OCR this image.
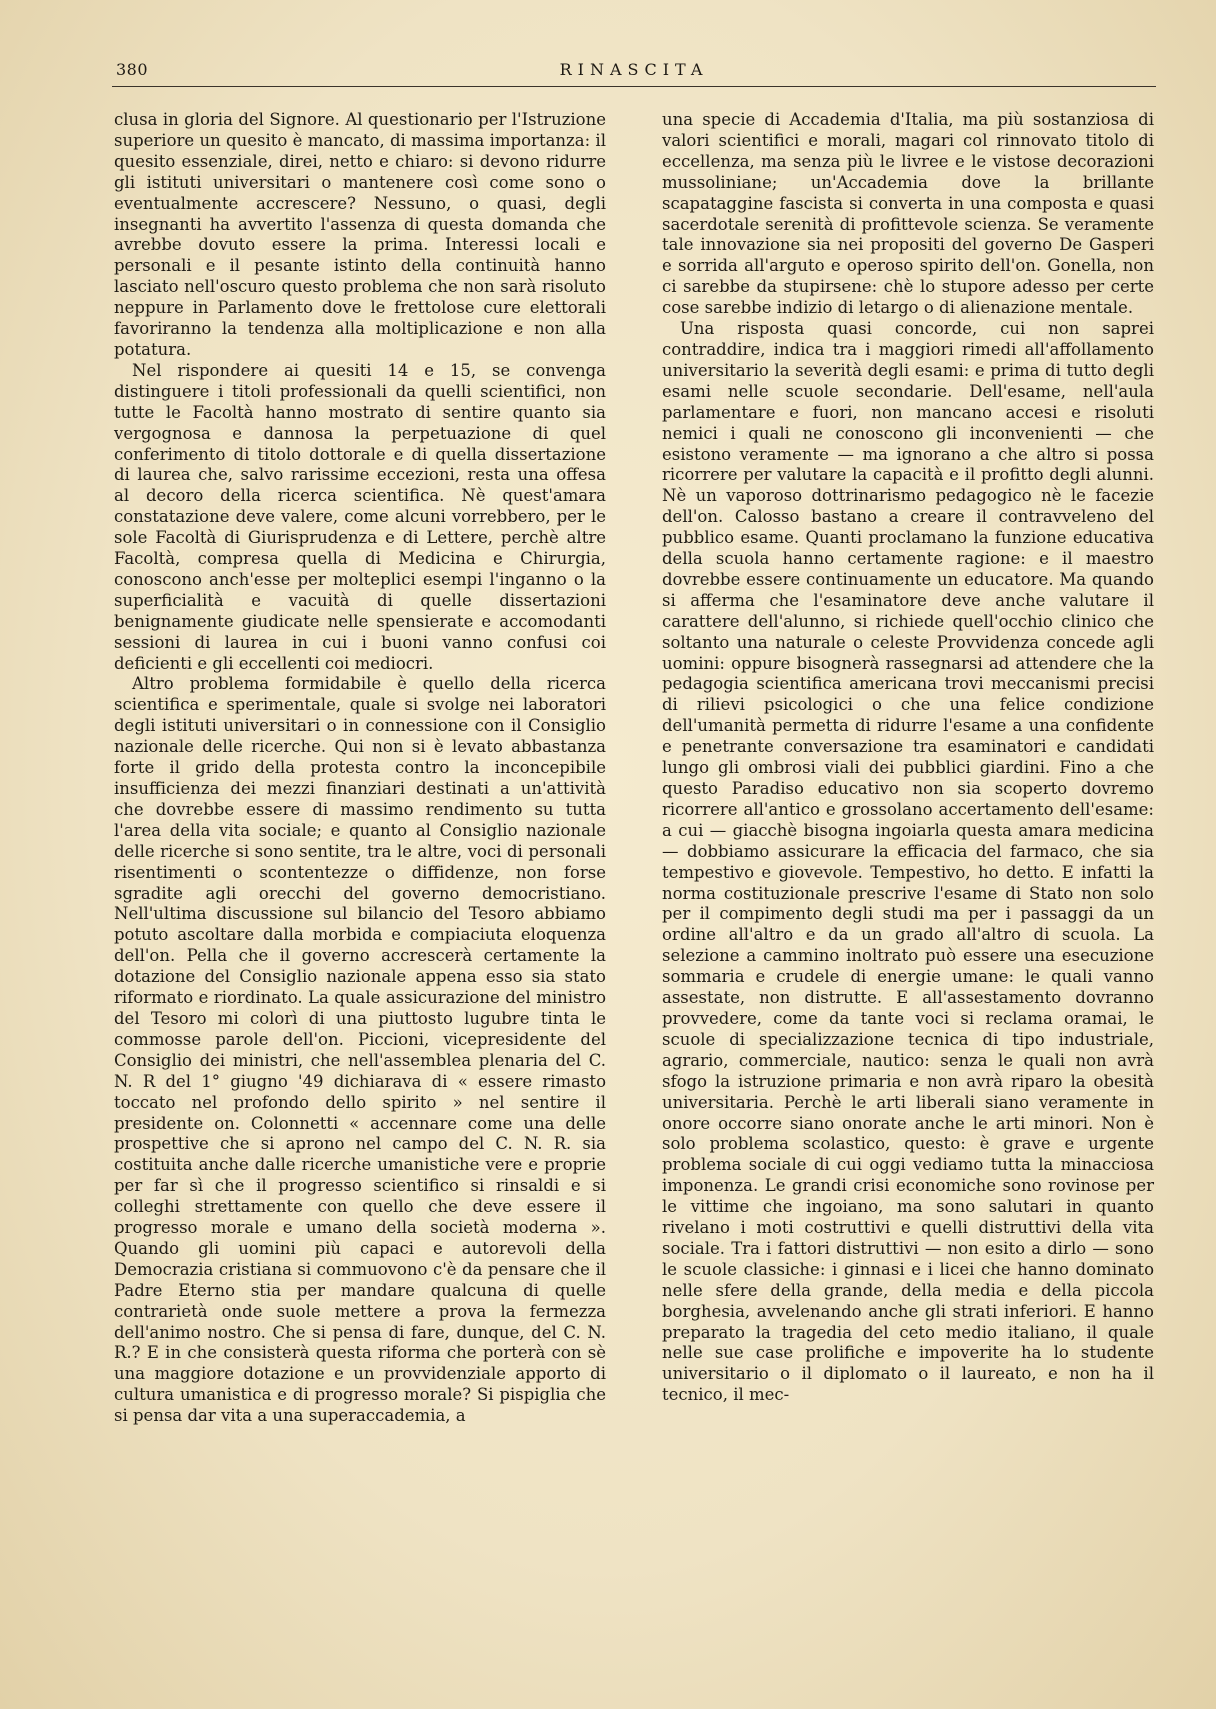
380	RINASCITA

clusa in gloria del Signore. Al questionario per l'Istruzione superiore un quesito è mancato, di massima importanza: il quesito essenziale, direi, netto e chiaro: si devono ridurre gli istituti universitari o mantenere così come sono o eventualmente accrescere? Nessuno, o quasi, degli insegnanti ha avvertito l'assenza di questa domanda che avrebbe dovuto essere la prima. Interessi locali e personali e il pesante istinto della continuità hanno lasciato nell'oscuro questo problema che non sarà risoluto neppure in Parlamento dove le frettolose cure elettorali favoriranno la tendenza alla moltiplicazione e non alla potatura.

Nel rispondere ai quesiti 14 e 15, se convenga distinguere i titoli professionali da quelli scientifici, non tutte le Facoltà hanno mostrato di sentire quanto sia vergognosa e dannosa la perpetuazione di quel conferimento di titolo dottorale e di quella dissertazione di laurea che, salvo rarissime eccezioni, resta una offesa al decoro della ricerca scientifica. Nè quest'amara constatazione deve valere, come alcuni vorrebbero, per le sole Facoltà di Giurisprudenza e di Lettere, perchè altre Facoltà, compresa quella di Medicina e Chirurgia, conoscono anch'esse per molteplici esempi l'inganno o la superficialità e vacuità di quelle dissertazioni benignamente giudicate nelle spensierate e accomodanti sessioni di laurea in cui i buoni vanno confusi coi deficienti e gli eccellenti coi mediocri.

Altro problema formidabile è quello della ricerca scientifica e sperimentale, quale si svolge nei laboratori degli istituti universitari o in connessione con il Consiglio nazionale delle ricerche. Qui non si è levato abbastanza forte il grido della protesta contro la inconcepibile insufficienza dei mezzi finanziari destinati a un'attività che dovrebbe essere di massimo rendimento su tutta l'area della vita sociale; e quanto al Consiglio nazionale delle ricerche si sono sentite, tra le altre, voci di personali risentimenti o scontentezze o diffidenze, non forse sgradite agli orecchi del governo democristiano. Nell'ultima discussione sul bilancio del Tesoro abbiamo potuto ascoltare dalla morbida e compiaciuta eloquenza dell'on. Pella che il governo accrescerà certamente la dotazione del Consiglio nazionale appena esso sia stato riformato e riordinato. La quale assicurazione del ministro del Tesoro mi colorì di una piuttosto lugubre tinta le commosse parole dell'on. Piccioni, vicepresidente del Consiglio dei ministri, che nell'assemblea plenaria del C. N. R del 1° giugno '49 dichiarava di « essere rimasto toccato nel profondo dello spirito » nel sentire il presidente on. Colonnetti « accennare come una delle prospettive che si aprono nel campo del C. N. R. sia costituita anche dalle ricerche umanistiche vere e proprie per far sì che il progresso scientifico si rinsaldi e si colleghi strettamente con quello che deve essere il progresso morale e umano della società moderna ». Quando gli uomini più capaci e autorevoli della Democrazia cristiana si commuovono c'è da pensare che il Padre Eterno stia per mandare qualcuna di quelle contrarietà onde suole mettere a prova la fermezza dell'animo nostro. Che si pensa di fare, dunque, del C. N. R.? E in che consisterà questa riforma che porterà con sè una maggiore dotazione e un provvidenziale apporto di cultura umanistica e di progresso morale? Si pispiglia che si pensa dar vita a una superaccademia, a

una specie di Accademia d'Italia, ma più sostanziosa di valori scientifici e morali, magari col rinnovato titolo di eccellenza, ma senza più le livree e le vistose decorazioni mussoliniane; un'Accademia dove la brillante scapataggine fascista si converta in una composta e quasi sacerdotale serenità di profittevole scienza. Se veramente tale innovazione sia nei propositi del governo De Gasperi e sorrida all'arguto e operoso spirito dell'on. Gonella, non ci sarebbe da stupirsene: chè lo stupore adesso per certe cose sarebbe indizio di letargo o di alienazione mentale.

Una risposta quasi concorde, cui non saprei contraddire, indica tra i maggiori rimedi all'affollamento universitario la severità degli esami: e prima di tutto degli esami nelle scuole secondarie. Dell'esame, nell'aula parlamentare e fuori, non mancano accesi e risoluti nemici i quali ne conoscono gli inconvenienti — che esistono veramente — ma ignorano a che altro si possa ricorrere per valutare la capacità e il profitto degli alunni. Nè un vaporoso dottrinarismo pedagogico nè le facezie dell'on. Calosso bastano a creare il contravveleno del pubblico esame. Quanti proclamano la funzione educativa della scuola hanno certamente ragione: e il maestro dovrebbe essere continuamente un educatore. Ma quando si afferma che l'esaminatore deve anche valutare il carattere dell'alunno, si richiede quell'occhio clinico che soltanto una naturale o celeste Provvidenza concede agli uomini: oppure bisognerà rassegnarsi ad attendere che la pedagogia scientifica americana trovi meccanismi precisi di rilievi psicologici o che una felice condizione dell'umanità permetta di ridurre l'esame a una confidente e penetrante conversazione tra esaminatori e candidati lungo gli ombrosi viali dei pubblici giardini. Fino a che questo Paradiso educativo non sia scoperto dovremo ricorrere all'antico e grossolano accertamento dell'esame: a cui — giacchè bisogna ingoiarla questa amara medicina — dobbiamo assicurare la efficacia del farmaco, che sia tempestivo e giovevole. Tempestivo, ho detto. E infatti la norma costituzionale prescrive l'esame di Stato non solo per il compimento degli studi ma per i passaggi da un ordine all'altro e da un grado all'altro di scuola. La selezione a cammino inoltrato può essere una esecuzione sommaria e crudele di energie umane: le quali vanno assestate, non distrutte. E all'assestamento dovranno provvedere, come da tante voci si reclama oramai, le scuole di specializzazione tecnica di tipo industriale, agrario, commerciale, nautico: senza le quali non avrà sfogo la istruzione primaria e non avrà riparo la obesità universitaria. Perchè le arti liberali siano veramente in onore occorre siano onorate anche le arti minori. Non è solo problema scolastico, questo: è grave e urgente problema sociale di cui oggi vediamo tutta la minacciosa imponenza. Le grandi crisi economiche sono rovinose per le vittime che ingoiano, ma sono salutari in quanto rivelano i moti costruttivi e quelli distruttivi della vita sociale. Tra i fattori distruttivi — non esito a dirlo — sono le scuole classiche: i ginnasi e i licei che hanno dominato nelle sfere della grande, della media e della piccola borghesia, avvelenando anche gli strati inferiori. E hanno preparato la tragedia del ceto medio italiano, il quale nelle sue case prolifiche e impoverite ha lo studente universitario o il diplomato o il laureato, e non ha il tecnico, il mec-
